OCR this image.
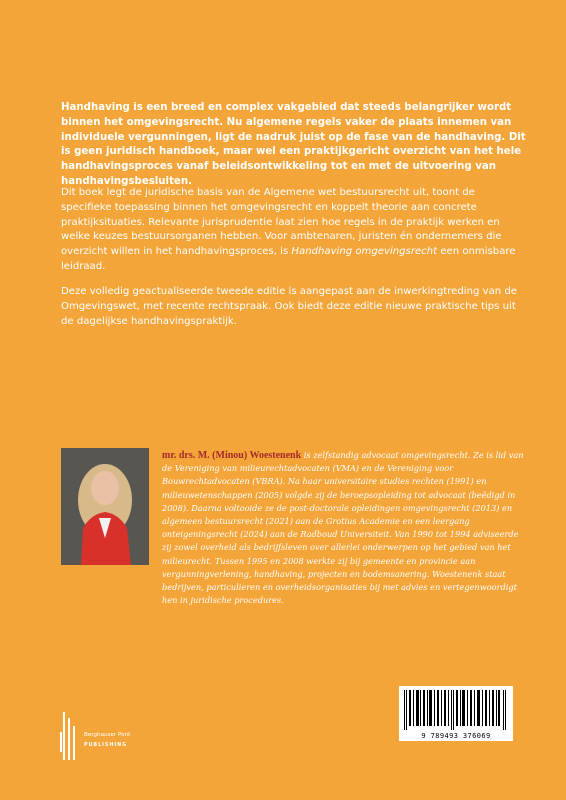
Handhaving is een breed en complex vakgebied dat steeds belangrijker wordt binnen het omgevingsrecht. Nu algemene regels vaker de plaats innemen van individuele vergunningen, ligt de nadruk juist op de fase van de handhaving. Dit is geen juridisch handboek, maar wel een praktijkgericht overzicht van het hele handhavingsproces vanaf beleidsontwikkeling tot en met de uitvoering van handhavingsbesluiten.

Dit boek legt de juridische basis van de Algemene wet bestuursrecht uit, toont de specifieke toepassing binnen het omgevingsrecht en koppelt theorie aan concrete praktijksituaties. Relevante jurisprudentie laat zien hoe regels in de praktijk werken en welke keuzes bestuursorganen hebben. Voor ambtenaren, juristen én ondernemers die overzicht willen in het handhavingsproces, is Handhaving omgevingsrecht een onmisbare leidraad.

Deze volledig geactualiseerde tweede editie is aangepast aan de inwerkingtreding van de Omgevingswet, met recente rechtspraak. Ook biedt deze editie nieuwe praktische tips uit de dagelijkse handhavingspraktijk.

mr. drs. M. (Minou) Woestenenk is zelfstandig advocaat omgevingsrecht. Ze is lid van de Vereniging van milieurechtadvocaten (VMA) en de Vereniging voor Bouwrechtadvocaten (VBRA). Na haar universitaire studies rechten (1991) en milieuwetenschappen (2005) volgde zij de beroepsopleiding tot advocaat (beëdigd in 2008). Daarna voltooide ze de post-doctorale opleidingen omgevingsrecht (2013) en algemeen bestuursrecht (2021) aan de Grotius Academie en een leergang onteigeningsrecht (2024) aan de Radboud Universiteit. Van 1990 tot 1994 adviseerde zij zowel overheid als bedrijfsleven over allerlei onderwerpen op het gebied van het milieurecht. Tussen 1995 en 2008 werkte zij bij gemeente en provincie aan vergunningverlening, handhaving, projecten en bodemsanering. Woestenenk staat bedrijven, particulieren en overheidsorganisaties bij met advies en vertegenwoordigt hen in juridische procedures.

Berghauser Pont
PUBLISHING
9 789493 376069
